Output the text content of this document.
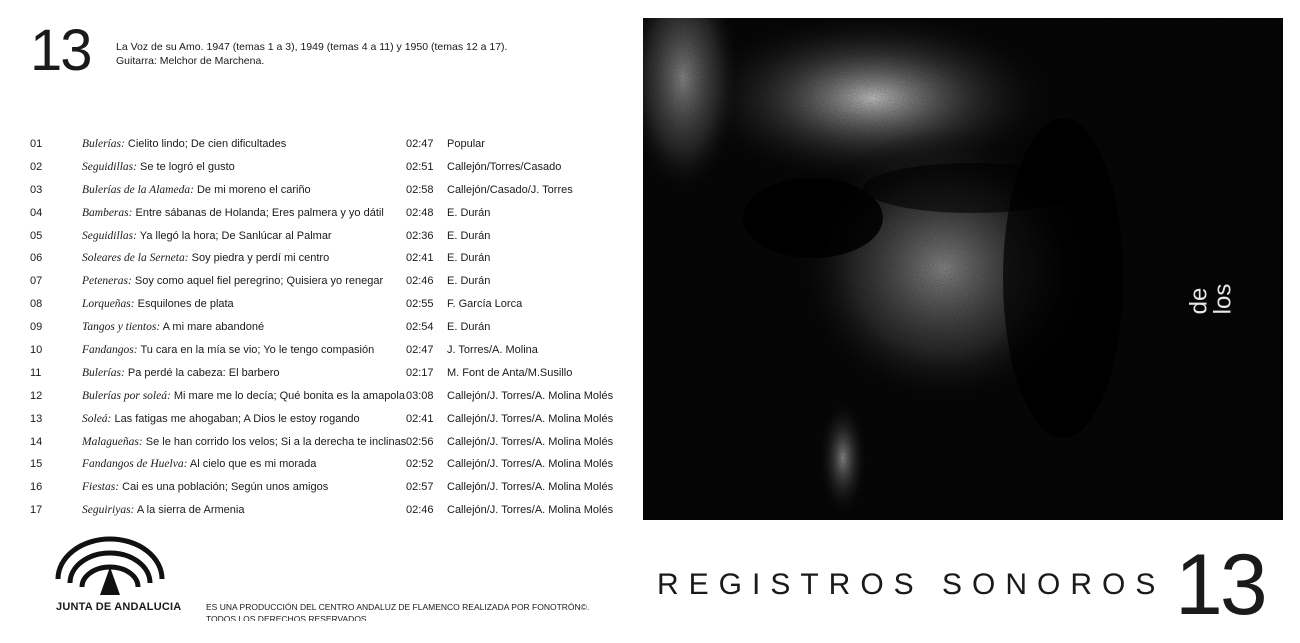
13 La Voz de su Amo. 1947 (temas 1 a 3), 1949 (temas 4 a 11) y 1950 (temas 12 a 17).
Guitarra: Melchor de Marchena.
01	Bulerías: Cielito lindo; De cien dificultades	02:47 Popular
02	Seguidillas: Se te logró el gusto	02:51 Callejón/Torres/Casado
03	Bulerías de la Alameda: De mi moreno el cariño	02:58 Callejón/Casado/J. Torres
04	Bamberas: Entre sábanas de Holanda; Eres palmera y yo dátil 02:48 E. Durán
05	Seguidillas: Ya llegó la hora; De Sanlúcar al Palmar	02:36 E. Durán
06	Soleares de la Serneta: Soy piedra y perdí mi centro	02:41 E. Durán
07	Peteneras: Soy como aquel fiel peregrino; Quisiera yo renegar 02:46 E. Durán
08	Lorqueñas: Esquilones de plata	02:55 F. García Lorca
09	Tangos y tientos: A mi mare abandoné	02:54 E. Durán
10	Fandangos: Tu cara en la mía se vio; Yo le tengo compasión	02:47 J. Torres/A. Molina
11	Bulerías: Pa perdé la cabeza: El barbero	02:17 M. Font de Anta/M.Susillo
12	Bulerías por soleá: Mi mare me lo decía; Qué bonita es la amapola 03:08 Callejón/J. Torres/A. Molina Molés
13	Soleá: Las fatigas me ahogaban; A Dios le estoy rogando	02:41 Callejón/J. Torres/A. Molina Molés
14	Malagueñas: Se le han corrido los velos; Si a la derecha te inclinas 02:56 Callejón/J. Torres/A. Molina Molés
15	Fandangos de Huelva: Al cielo que es mi morada	02:52 Callejón/J. Torres/A. Molina Molés
16	Fiestas: Cai es una población; Según unos amigos	02:57 Callejón/J. Torres/A. Molina Molés
17	Seguiriyas: A la sierra de Armenia	02:46 Callejón/J. Torres/A. Molina Molés
de
los
JUNTA DE ANDALUCIA	ES UNA PRODUCCIÓN DEL CENTRO ANDALUZ DE FLAMENCO REALIZADA POR FONOTRÓN©.
TODOS LOS DERECHOS RESERVADOS.
REGISTROS SONOROS 13
